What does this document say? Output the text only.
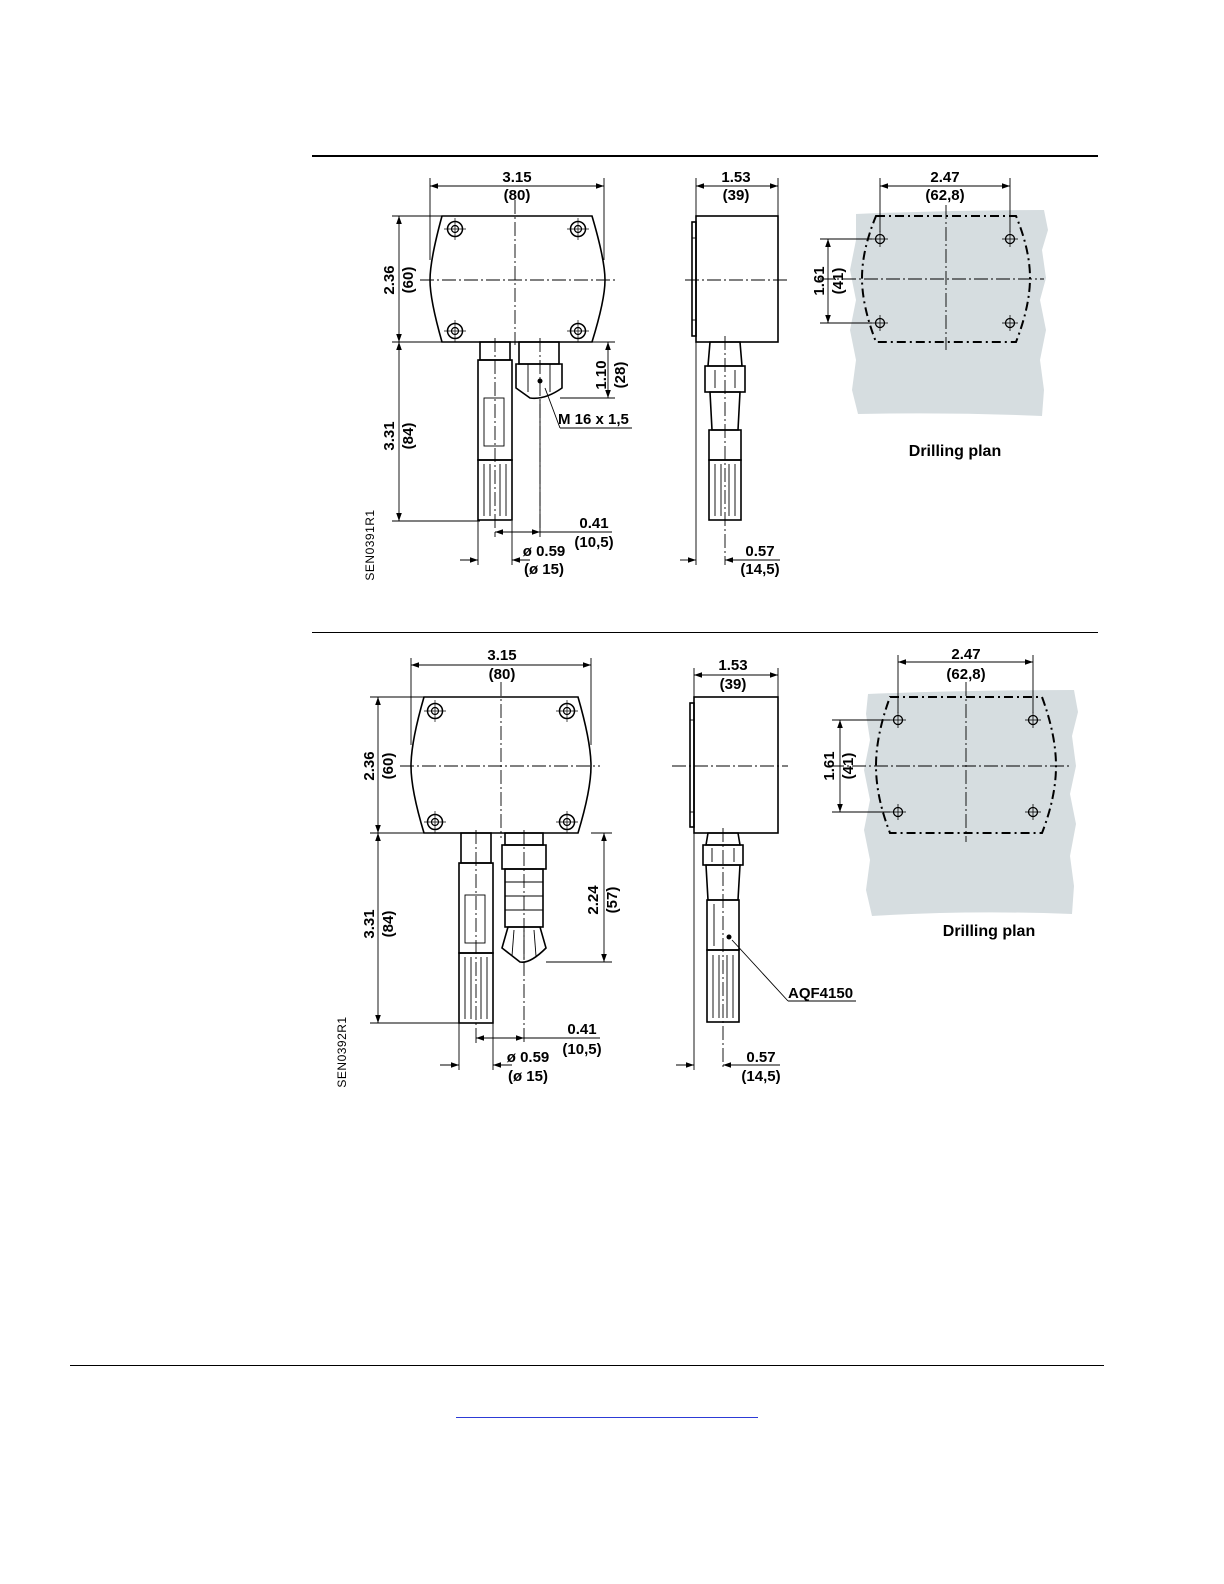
3.15
(80)
2.36 (60)
3.31 (84)
1.10 (28)
M 16 x 1,5
ø 0.59
(ø 15)
0.41
(10,5)
SEN0391R1
1.53
(39)
0.57
(14,5)
2.47
(62,8)
1.61 (41)
Drilling plan
3.15
(80)
2.36 (60)
3.31 (84)
2.24 (57)
ø 0.59
(ø 15)
0.41
(10,5)
SEN0392R1
1.53
(39)
0.57
(14,5)
AQF4150
2.47
(62,8)
1.61 (41)
Drilling plan
